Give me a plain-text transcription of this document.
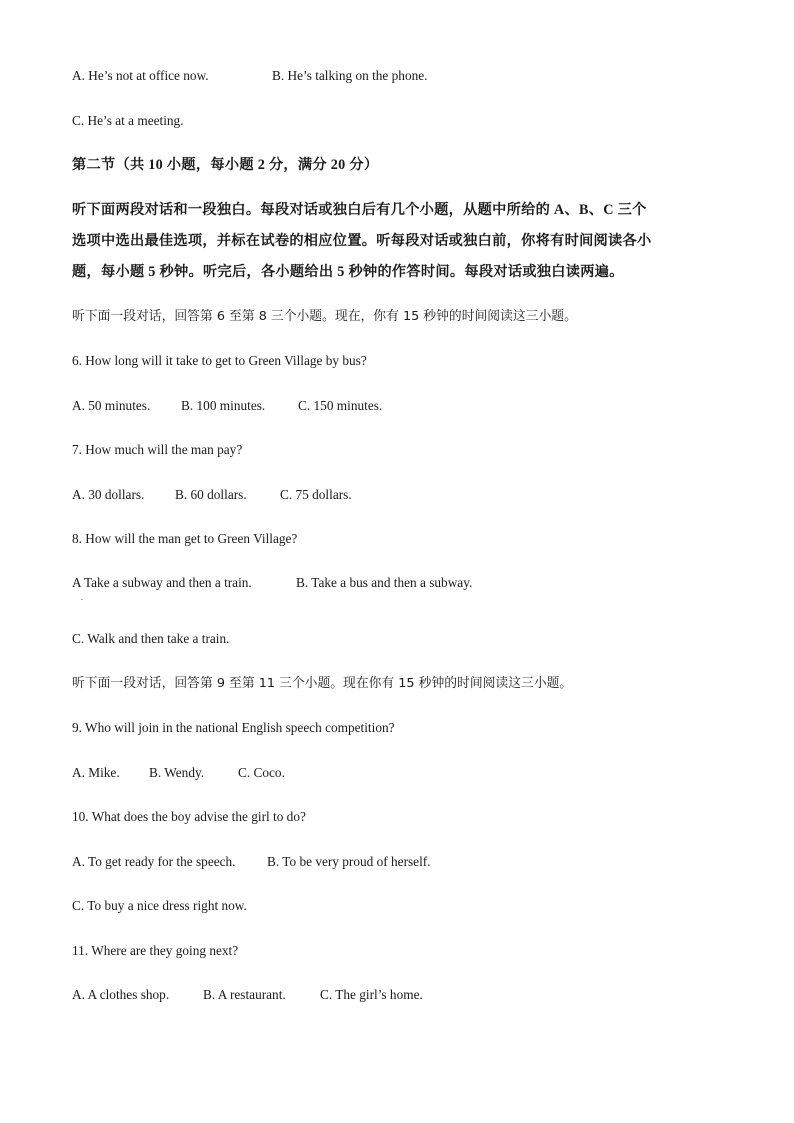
A. He’s not at office now.	B. He’s talking on the phone.
C. He’s at a meeting.
第二节（共 10 小题，每小题 2 分，满分 20 分）
听下面两段对话和一段独白。每段对话或独白后有几个小题，从题中所给的 A、B、C 三个
选项中选出最佳选项，并标在试卷的相应位置。听每段对话或独白前，你将有时间阅读各小
题，每小题 5 秒钟。听完后，各小题给出 5 秒钟的作答时间。每段对话或独白读两遍。
听下面一段对话，回答第 6 至第 8 三个小题。现在，你有 15 秒钟的时间阅读这三小题。
6. How long will it take to get to Green Village by bus?
A. 50 minutes. B. 100 minutes. C. 150 minutes.
7. How much will the man pay?
A. 30 dollars. B. 60 dollars.	C. 75 dollars.
8. How will the man get to Green Village?
A Take a subway and then a train.	B. Take a bus and then a subway.
.
C. Walk and then take a train.
听下面一段对话，回答第 9 至第 11 三个小题。现在你有 15 秒钟的时间阅读这三小题。
9. Who will join in the national English speech competition?
A. Mike. B. Wendy.	C. Coco.
10. What does the boy advise the girl to do?
A. To get ready for the speech. B. To be very proud of herself.
C. To buy a nice dress right now.
11. Where are they going next?
A. A clothes shop.	B. A restaurant.	C. The girl’s home.
